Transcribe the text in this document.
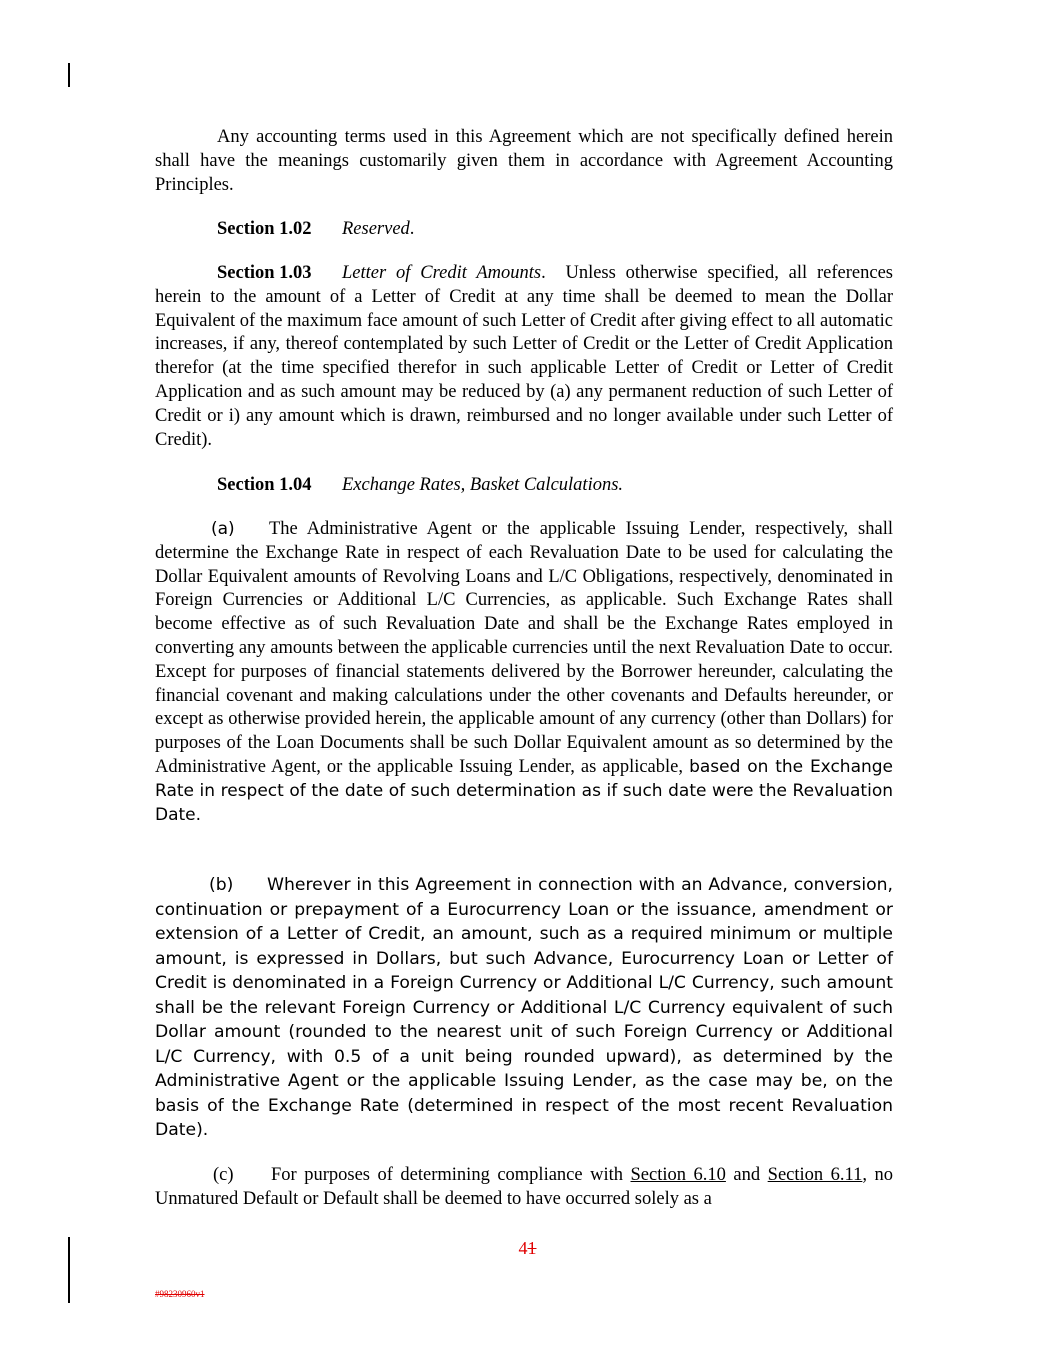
Any accounting terms used in this Agreement which are not specifically defined herein shall have the meanings customarily given them in accordance with Agreement Accounting Principles.

Section 1.02 Reserved.

Section 1.03 Letter of Credit Amounts. Unless otherwise specified, all references herein to the amount of a Letter of Credit at any time shall be deemed to mean the Dollar Equivalent of the maximum face amount of such Letter of Credit after giving effect to all automatic increases, if any, thereof contemplated by such Letter of Credit or the Letter of Credit Application therefor (at the time specified therefor in such applicable Letter of Credit or Letter of Credit Application and as such amount may be reduced by (a) any permanent reduction of such Letter of Credit or i) any amount which is drawn, reimbursed and no longer available under such Letter of Credit).

Section 1.04 Exchange Rates, Basket Calculations.

(a) The Administrative Agent or the applicable Issuing Lender, respectively, shall determine the Exchange Rate in respect of each Revaluation Date to be used for calculating the Dollar Equivalent amounts of Revolving Loans and L/C Obligations, respectively, denominated in Foreign Currencies or Additional L/C Currencies, as applicable. Such Exchange Rates shall become effective as of such Revaluation Date and shall be the Exchange Rates employed in converting any amounts between the applicable currencies until the next Revaluation Date to occur. Except for purposes of financial statements delivered by the Borrower hereunder, calculating the financial covenant and making calculations under the other covenants and Defaults hereunder, or except as otherwise provided herein, the applicable amount of any currency (other than Dollars) for purposes of the Loan Documents shall be such Dollar Equivalent amount as so determined by the Administrative Agent, or the applicable Issuing Lender, as applicable, based on the Exchange Rate in respect of the date of such determination as if such date were the Revaluation Date.

(b) Wherever in this Agreement in connection with an Advance, conversion, continuation or prepayment of a Eurocurrency Loan or the issuance, amendment or extension of a Letter of Credit, an amount, such as a required minimum or multiple amount, is expressed in Dollars, but such Advance, Eurocurrency Loan or Letter of Credit is denominated in a Foreign Currency or Additional L/C Currency, such amount shall be the relevant Foreign Currency or Additional L/C Currency equivalent of such Dollar amount (rounded to the nearest unit of such Foreign Currency or Additional L/C Currency, with 0.5 of a unit being rounded upward), as determined by the Administrative Agent or the applicable Issuing Lender, as the case may be, on the basis of the Exchange Rate (determined in respect of the most recent Revaluation Date).

(c) For purposes of determining compliance with Section 6.10 and Section 6.11, no Unmatured Default or Default shall be deemed to have occurred solely as a

41
#98230960v1
